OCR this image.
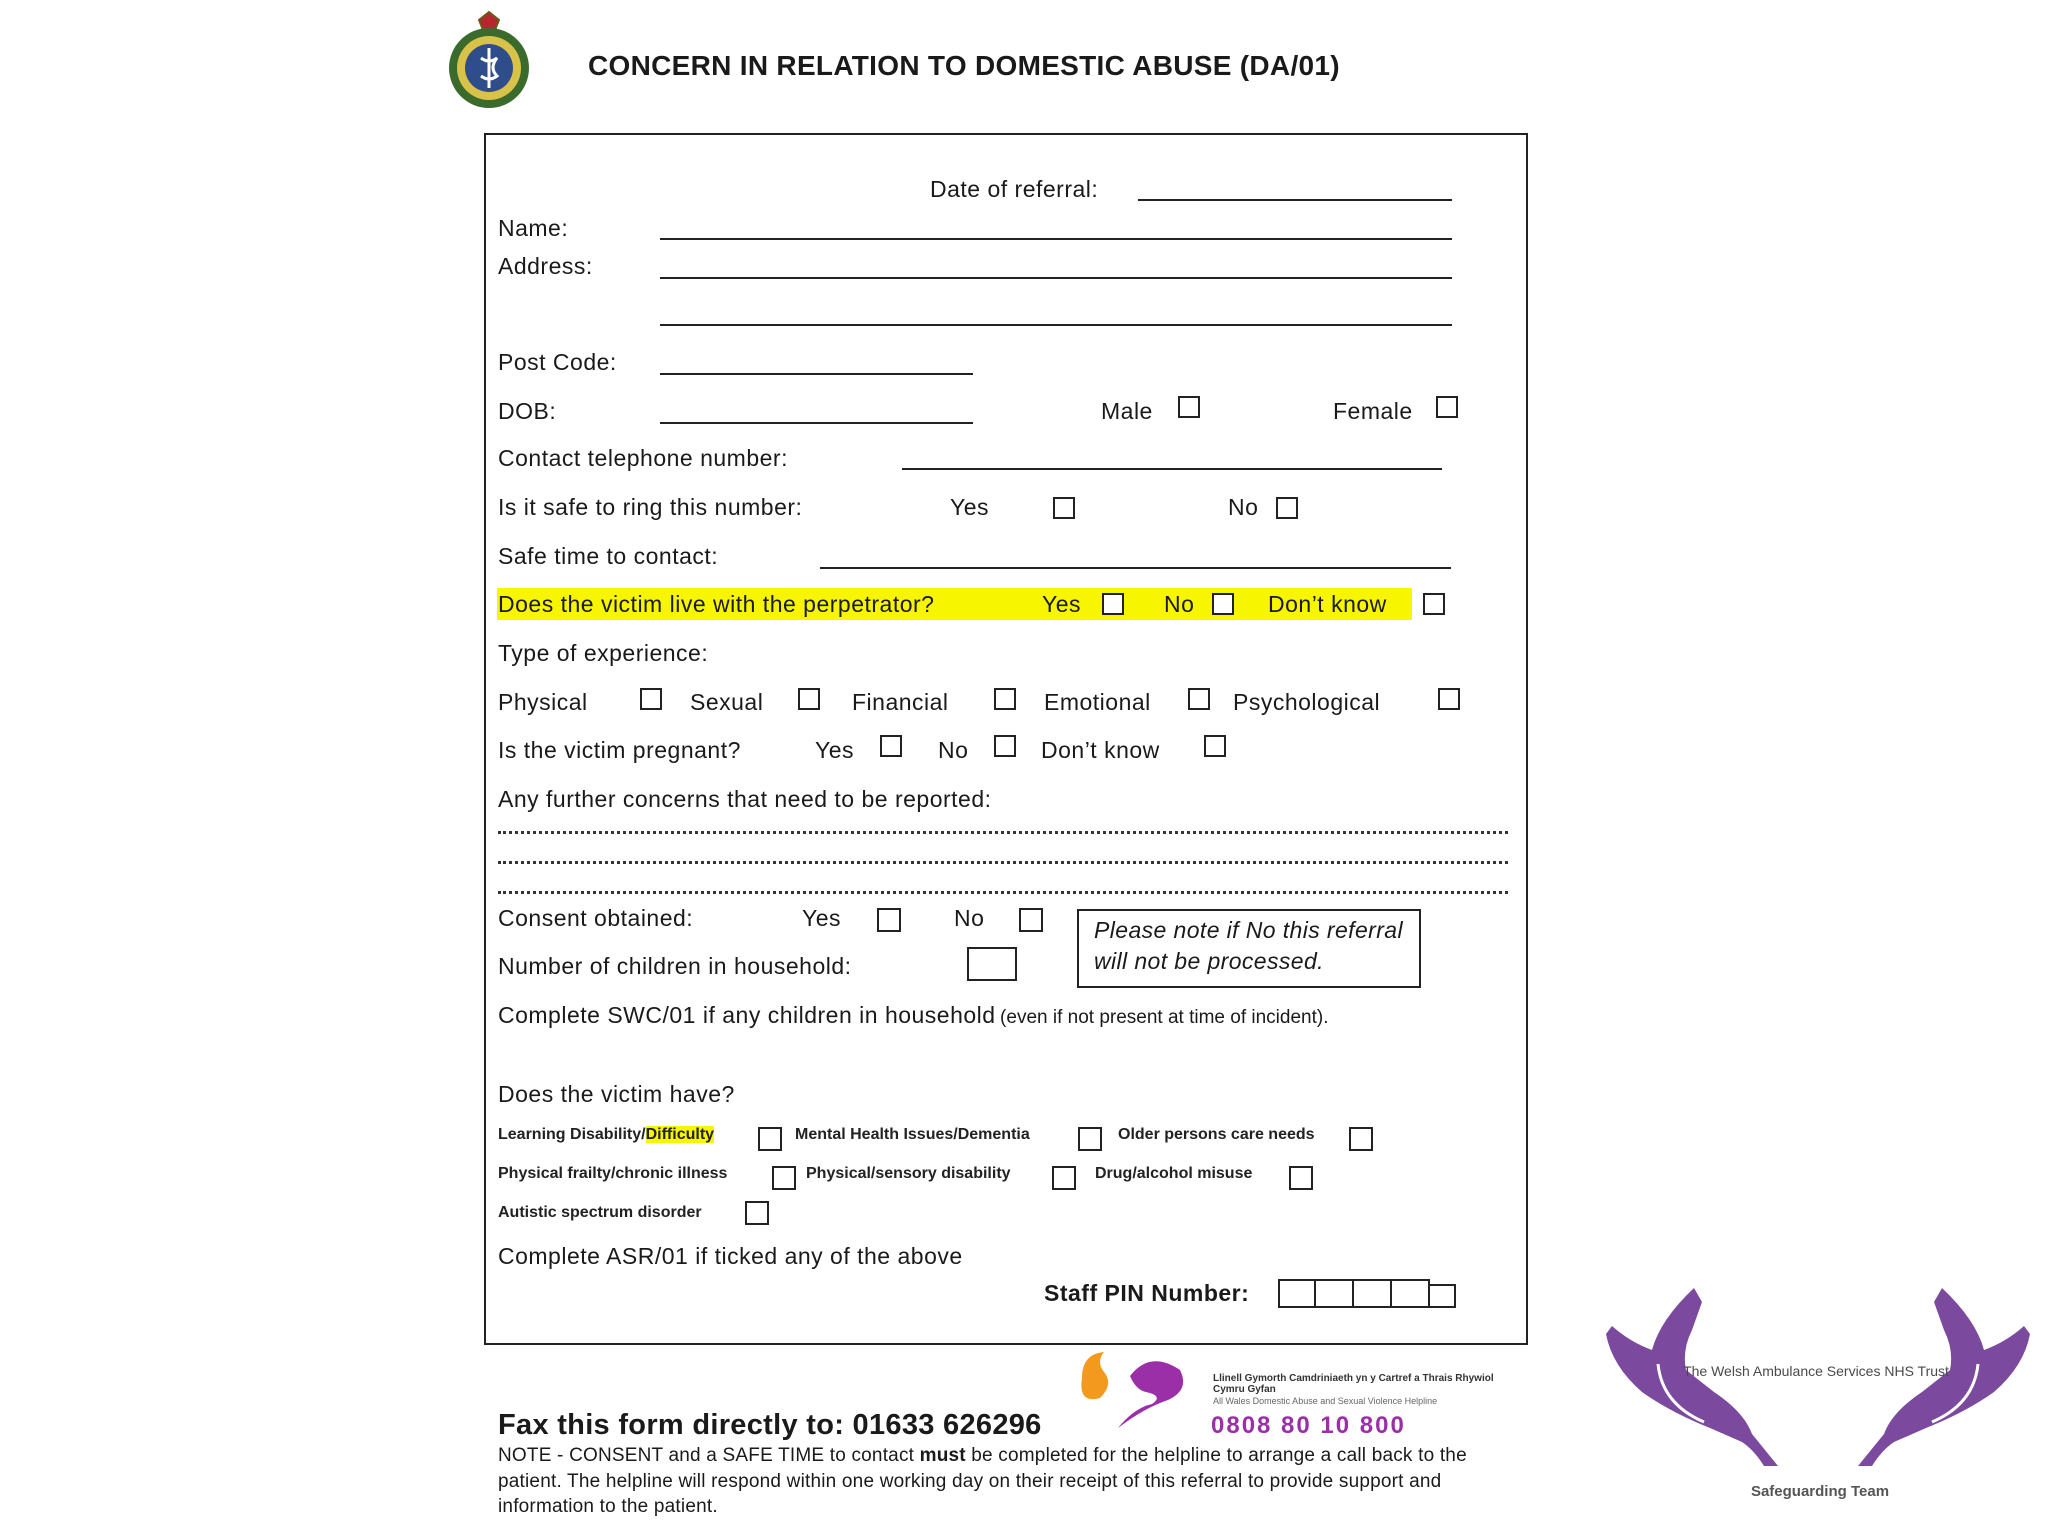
CONCERN IN RELATION TO DOMESTIC ABUSE (DA/01)
Date of referral:
Name:
Address:
Post Code:
DOB:	Male	Female
Contact telephone number:
Is it safe to ring this number:	Yes	No
Safe time to contact:
Does the victim live with the perpetrator?	Yes	No	Don’t know
Type of experience:
Physical	Sexual	Financial	Emotional	Psychological
Is the victim pregnant?	Yes	No	Don’t know
Any further concerns that need to be reported:
Consent obtained:	Yes	No	Please note if No this referral will not be processed.
Number of children in household:
Complete SWC/01 if any children in household (even if not present at time of incident).
Does the victim have?
Learning Disability/Difficulty	Mental Health Issues/Dementia	Older persons care needs
Physical frailty/chronic illness	Physical/sensory disability	Drug/alcohol misuse
Autistic spectrum disorder
Complete ASR/01 if ticked any of the above
Staff PIN Number:
Fax this form directly to: 01633 626296
NOTE - CONSENT and a SAFE TIME to contact must be completed for the helpline to arrange a call back to the patient. The helpline will respond within one working day on their receipt of this referral to provide support and information to the patient.
Llinell Gymorth Camdriniaeth yn y Cartref a Thrais Rhywiol Cymru Gyfan
All Wales Domestic Abuse and Sexual Violence Helpline
0808 80 10 800
The Welsh Ambulance Services NHS Trust
Safeguarding Team
